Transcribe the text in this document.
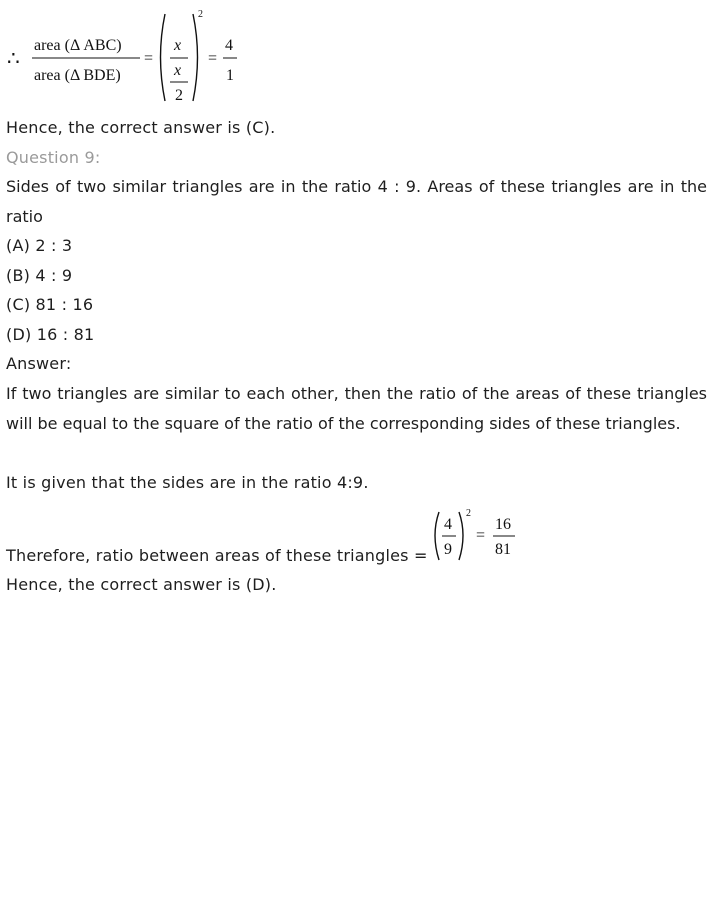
∴
area (Δ ABC)
area (Δ BDE)
=
x
x
2
2
=
4
1
Hence, the correct answer is (C).
Question 9:
Sides of two similar triangles are in the ratio 4 : 9. Areas of these triangles are in the ratio
(A) 2 : 3
(B) 4 : 9
(C) 81 : 16
(D) 16 : 81
Answer:
If two triangles are similar to each other, then the ratio of the areas of these triangles will be equal to the square of the ratio of the corresponding sides of these triangles.
It is given that the sides are in the ratio 4:9.
Therefore, ratio between areas of these triangles =
4
9
2
=
16
81
Hence, the correct answer is (D).
